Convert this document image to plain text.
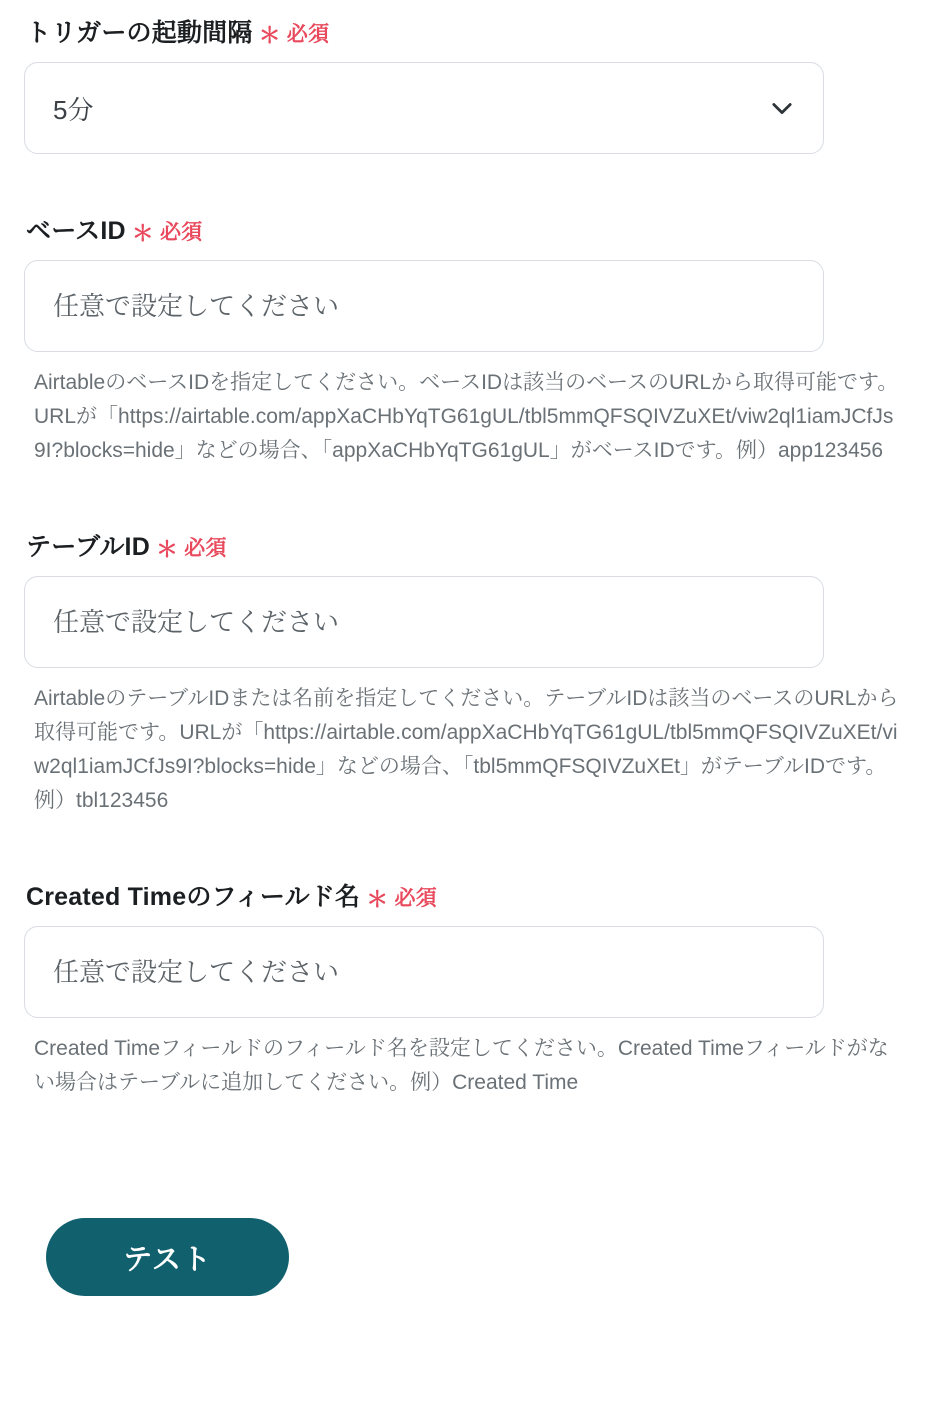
トリガーの起動間隔 ＊ 必須
5分
ベースID ＊ 必須
任意で設定してください
AirtableのベースIDを指定してください。ベースIDは該当のベースのURLから取得可能です。URLが「https://airtable.com/appXaCHbYqTG61gUL/tbl5mmQFSQIVZuXEt/viw2ql1iamJCfJs9I?blocks=hide」などの場合、「appXaCHbYqTG61gUL」がベースIDです。例）app123456
テーブルID ＊ 必須
任意で設定してください
AirtableのテーブルIDまたは名前を指定してください。テーブルIDは該当のベースのURLから取得可能です。URLが「https://airtable.com/appXaCHbYqTG61gUL/tbl5mmQFSQIVZuXEt/viw2ql1iamJCfJs9I?blocks=hide」などの場合、「tbl5mmQFSQIVZuXEt」がテーブルIDです。例）tbl123456
Created Timeのフィールド名 ＊ 必須
任意で設定してください
Created Timeフィールドのフィールド名を設定してください。Created Timeフィールドがない場合はテーブルに追加してください。例）Created Time
テスト
